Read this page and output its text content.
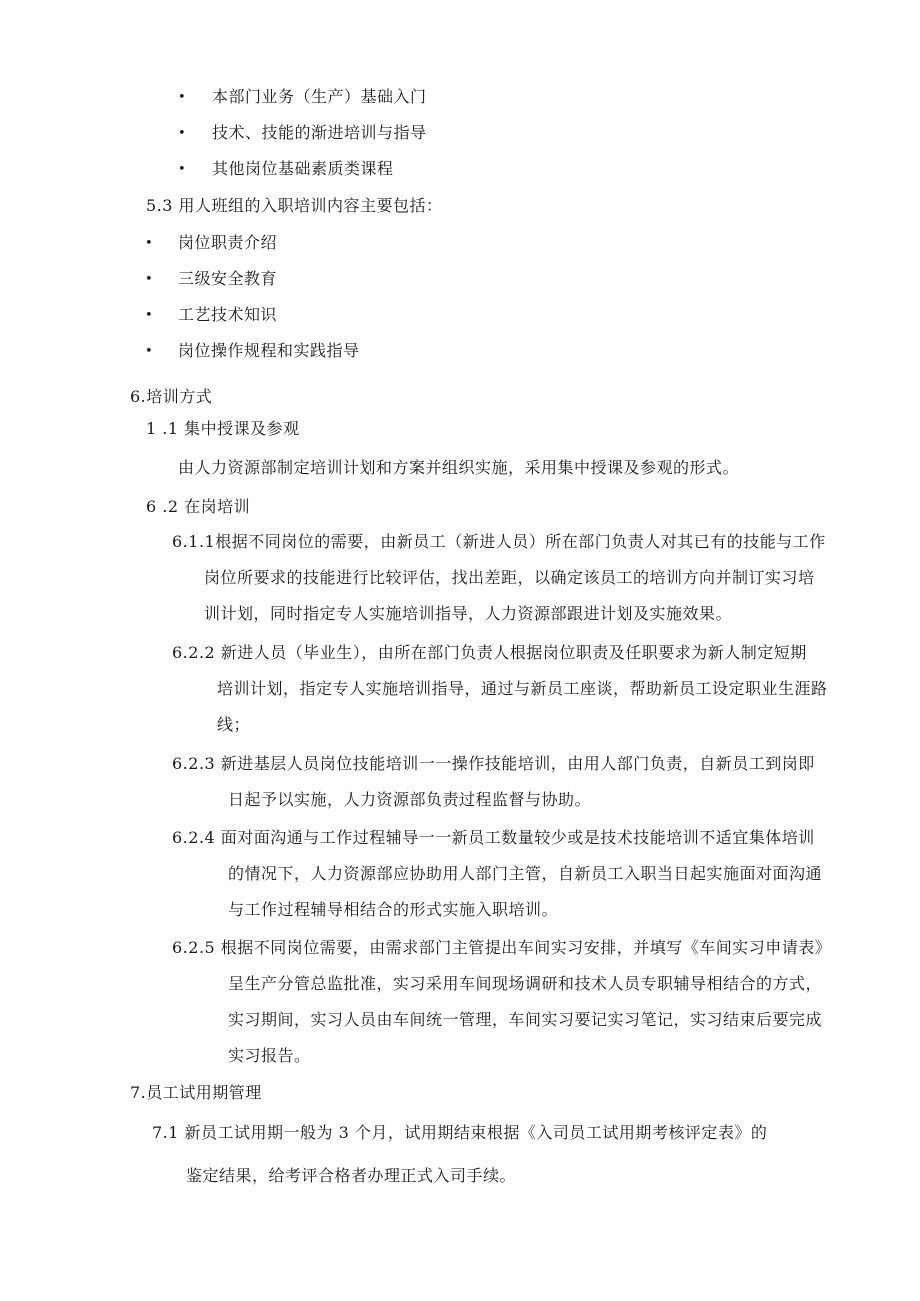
• 本部门业务（生产）基础入门
• 技术、技能的渐进培训与指导
• 其他岗位基础素质类课程
5.3 用人班组的入职培训内容主要包括：
• 岗位职责介绍
• 三级安全教育
• 工艺技术知识
• 岗位操作规程和实践指导
6.培训方式
1 .1 集中授课及参观
由人力资源部制定培训计划和方案并组织实施，采用集中授课及参观的形式。
6 .2 在岗培训
6.1.1根据不同岗位的需要，由新员工（新进人员）所在部门负责人对其已有的技能与工作
岗位所要求的技能进行比较评估，找出差距，以确定该员工的培训方向并制订实习培
训计划，同时指定专人实施培训指导，人力资源部跟进计划及实施效果。
6.2.2 新进人员（毕业生），由所在部门负责人根据岗位职责及任职要求为新人制定短期
培训计划，指定专人实施培训指导，通过与新员工座谈，帮助新员工设定职业生涯路
线；
6.2.3 新进基层人员岗位技能培训一一操作技能培训，由用人部门负责，自新员工到岗即
日起予以实施，人力资源部负责过程监督与协助。
6.2.4 面对面沟通与工作过程辅导一一新员工数量较少或是技术技能培训不适宜集体培训
的情况下，人力资源部应协助用人部门主管，自新员工入职当日起实施面对面沟通
与工作过程辅导相结合的形式实施入职培训。
6.2.5 根据不同岗位需要，由需求部门主管提出车间实习安排，并填写《车间实习申请表》
呈生产分管总监批准，实习采用车间现场调研和技术人员专职辅导相结合的方式，
实习期间，实习人员由车间统一管理，车间实习要记实习笔记，实习结束后要完成
实习报告。
7.员工试用期管理
7.1 新员工试用期一般为 3 个月，试用期结束根据《入司员工试用期考核评定表》的
鉴定结果，给考评合格者办理正式入司手续。
